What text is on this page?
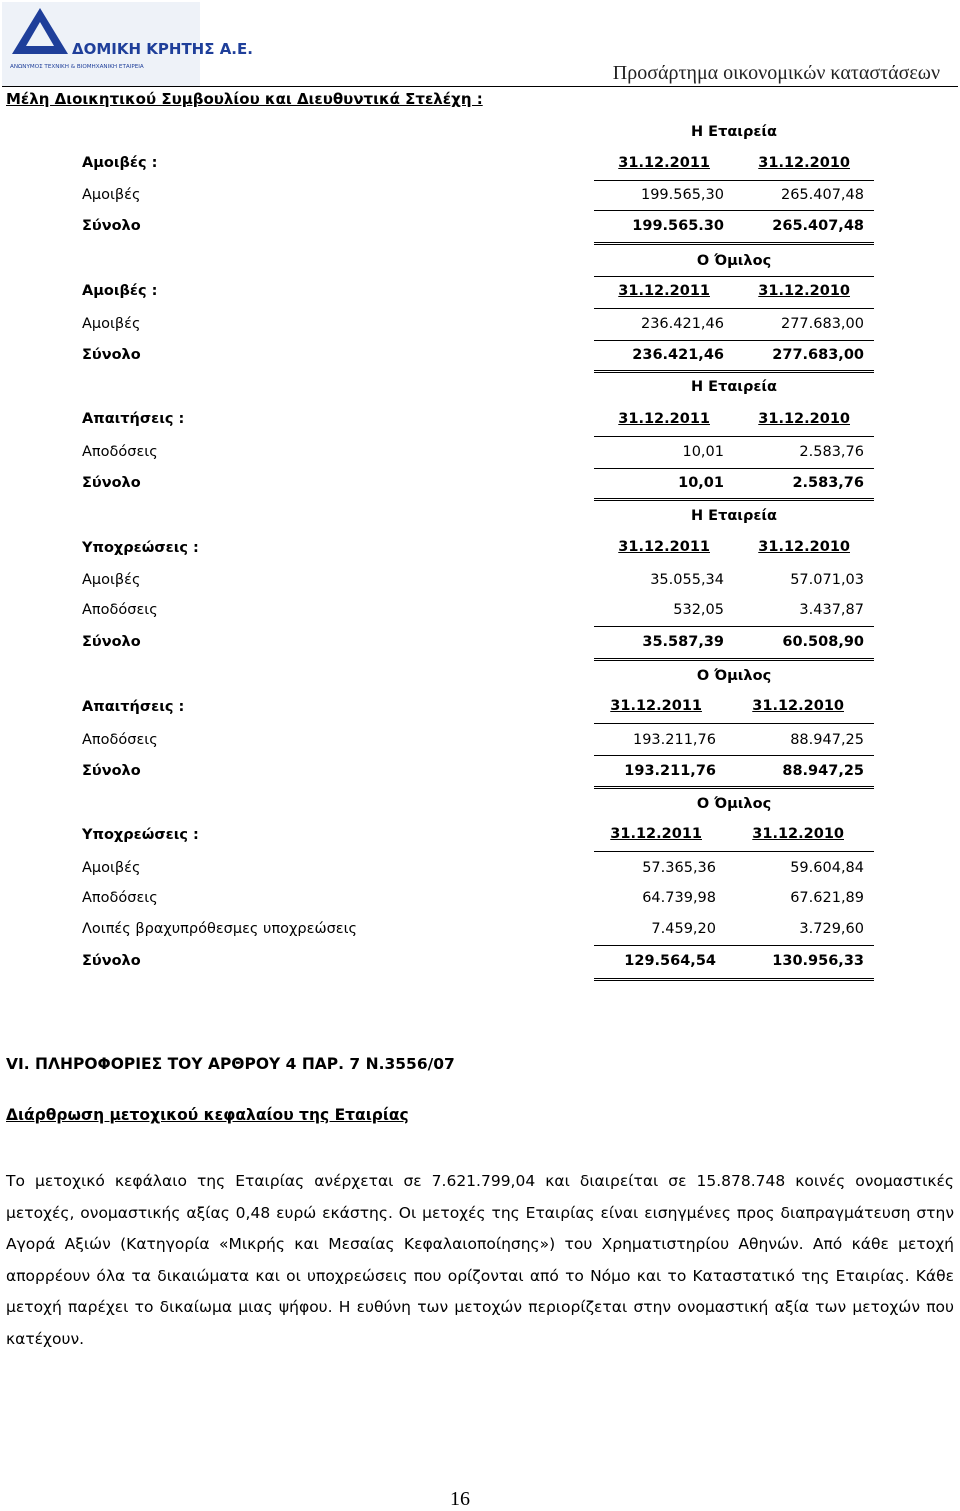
ΔΟΜΙΚΗ ΚΡΗΤΗΣ Α.Ε.
ΑΝΩΝΥΜΟΣ ΤΕΧΝΙΚΗ & ΒΙΟΜΗΧΑΝΙΚΗ ΕΤΑΙΡΕΙΑ	Προσάρτημα οικονομικών καταστάσεων
Μέλη Διοικητικού Συμβουλίου και Διευθυντικά Στελέχη :
Η Εταιρεία
Αμοιβές :	31.12.2011	31.12.2010
Αμοιβές	199.565,30	265.407,48
Σύνολο	199.565.30	265.407,48
Ο Όμιλος
Αμοιβές :	31.12.2011	31.12.2010
Αμοιβές	236.421,46	277.683,00
Σύνολο	236.421,46	277.683,00
Η Εταιρεία
Απαιτήσεις :	31.12.2011	31.12.2010
Αποδόσεις	10,01	2.583,76
Σύνολο	10,01	2.583,76
Η Εταιρεία
Υποχρεώσεις :	31.12.2011	31.12.2010
Αμοιβές	35.055,34	57.071,03
Αποδόσεις	532,05	3.437,87
Σύνολο	35.587,39	60.508,90
Ο Όμιλος
Απαιτήσεις :	31.12.2011	31.12.2010
Αποδόσεις	193.211,76	88.947,25
Σύνολο	193.211,76	88.947,25
Ο Όμιλος
Υποχρεώσεις :	31.12.2011	31.12.2010
Αμοιβές	57.365,36	59.604,84
Αποδόσεις	64.739,98	67.621,89
Λοιπές βραχυπρόθεσμες υποχρεώσεις	7.459,20	3.729,60
Σύνολο	129.564,54	130.956,33
VI. ΠΛΗΡΟΦΟΡΙΕΣ ΤΟΥ ΑΡΘΡΟΥ 4 ΠΑΡ. 7 Ν.3556/07
Διάρθρωση μετοχικού κεφαλαίου της Εταιρίας
Το μετοχικό κεφάλαιο της Εταιρίας ανέρχεται σε 7.621.799,04 και διαιρείται σε 15.878.748 κοινές ονομαστικές μετοχές, ονομαστικής αξίας 0,48 ευρώ εκάστης. Οι μετοχές της Εταιρίας είναι εισηγμένες προς διαπραγμάτευση στην Αγορά Αξιών (Κατηγορία «Μικρής και Μεσαίας Κεφαλαιοποίησης») του Χρηματιστηρίου Αθηνών. Από κάθε μετοχή απορρέουν όλα τα δικαιώματα και οι υποχρεώσεις που ορίζονται από το Νόμο και το Καταστατικό της Εταιρίας. Κάθε μετοχή παρέχει το δικαίωμα μιας ψήφου. Η ευθύνη των μετοχών περιορίζεται στην ονομαστική αξία των μετοχών που κατέχουν.
16
